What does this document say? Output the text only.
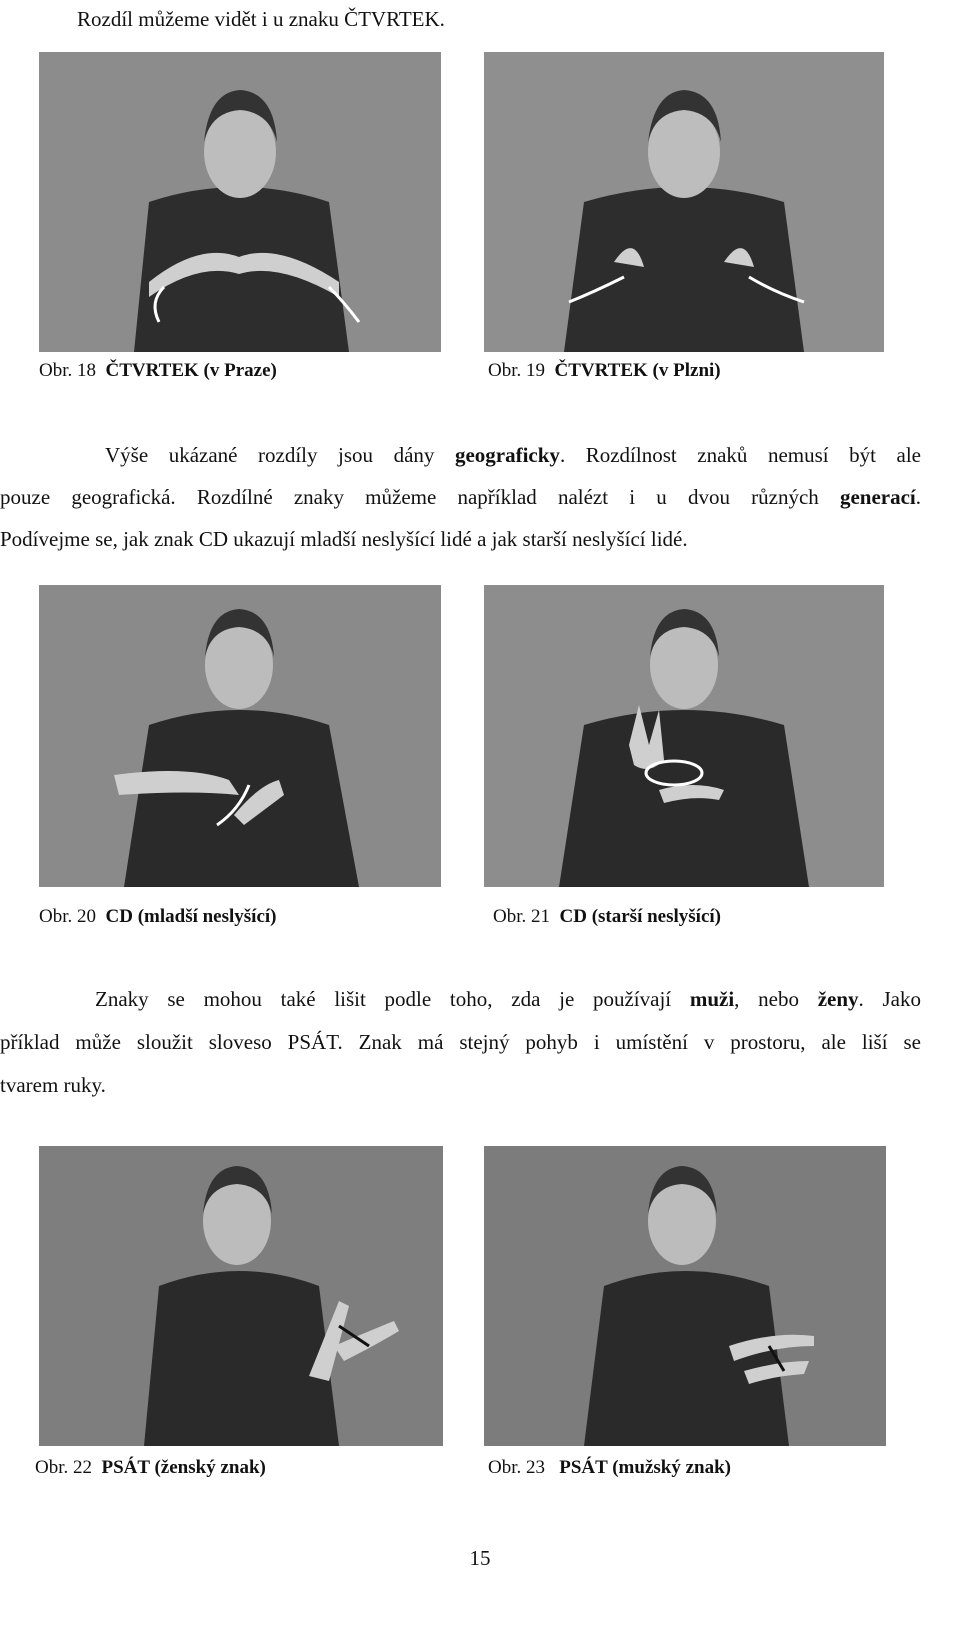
Rozdíl můžeme vidět i u znaku ČTVRTEK.
Obr. 18 ČTVRTEK (v Praze)	Obr. 19 ČTVRTEK (v Plzni)
Výše ukázané rozdíly jsou dány geograficky. Rozdílnost znaků nemusí být ale
pouze geografická. Rozdílné znaky můžeme například nalézt i u dvou různých generací.
Podívejme se, jak znak CD ukazují mladší neslyšící lidé a jak starší neslyšící lidé.
Obr. 20 CD (mladší neslyšící)	Obr. 21 CD (starší neslyšící)
Znaky se mohou také lišit podle toho, zda je používají muži, nebo ženy. Jako
příklad může sloužit sloveso PSÁT. Znak má stejný pohyb i umístění v prostoru, ale liší se
tvarem ruky.
Obr. 22 PSÁT (ženský znak)	Obr. 23 PSÁT (mužský znak)
15
